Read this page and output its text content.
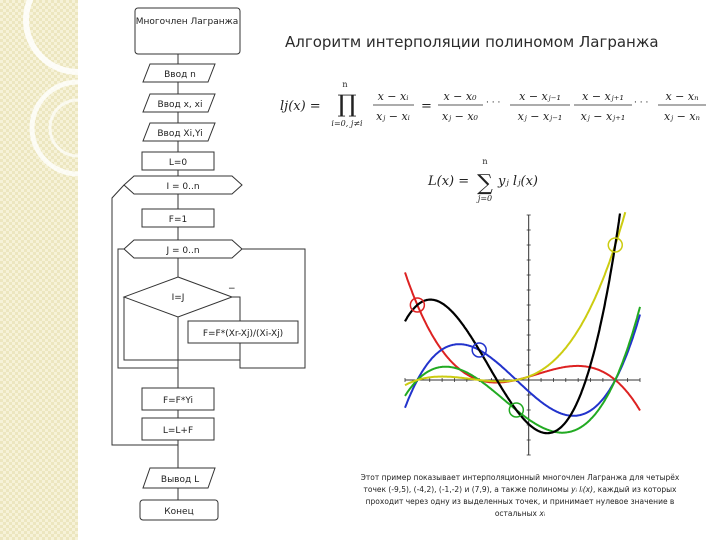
Многочлен Лагранжа
Ввод n
Ввод x, xi
Ввод Xi,Yi
L=0
I = 0..n
F=1
J = 0..n
I=J
F=F*(Xr-Xj)/(Xi-Xj)
F=F*Yi
L=L+F
Вывод L
Конец
−
lj(x) =
n
∏
i=0, j≠i
x − xᵢ
xⱼ − xᵢ
=
x − x₀
xⱼ − x₀
· · · x − xⱼ₋₁
xⱼ − xⱼ₋₁
x − xⱼ₊₁
xⱼ − xⱼ₊₁
· · · x − xₙ
xⱼ − xₙ
L(x) =
n
∑
j=0
yⱼ lⱼ(x)
Алгоритм интерполяции полиномом Лагранжа
Этот пример показывает интерполяционный многочлен Лагранжа для четырёх точек (-9,5), (-4,2), (-1,-2) и (7,9), а также полиномы yᵢ lᵢ(x), каждый из которых проходит через одну из выделенных точек, и принимает нулевое значение в остальных xᵢ
